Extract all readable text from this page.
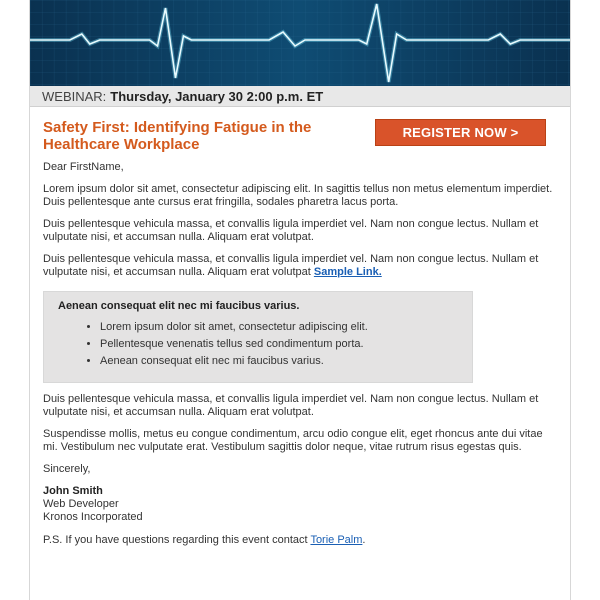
WEBINAR: Thursday, January 30 2:00 p.m. ET
Safety First: Identifying Fatigue in the Healthcare Workplace
REGISTER NOW >

Dear FirstName,

Lorem ipsum dolor sit amet, consectetur adipiscing elit. In sagittis tellus non metus elementum imperdiet. Duis pellentesque ante cursus erat fringilla, sodales pharetra lacus porta.

Duis pellentesque vehicula massa, et convallis ligula imperdiet vel. Nam non congue lectus. Nullam et vulputate nisi, et accumsan nulla. Aliquam erat volutpat.

Duis pellentesque vehicula massa, et convallis ligula imperdiet vel. Nam non congue lectus. Nullam et vulputate nisi, et accumsan nulla. Aliquam erat volutpat Sample Link.

Aenean consequat elit nec mi faucibus varius.
• Lorem ipsum dolor sit amet, consectetur adipiscing elit.
• Pellentesque venenatis tellus sed condimentum porta.
• Aenean consequat elit nec mi faucibus varius.

Duis pellentesque vehicula massa, et convallis ligula imperdiet vel. Nam non congue lectus. Nullam et vulputate nisi, et accumsan nulla. Aliquam erat volutpat.

Suspendisse mollis, metus eu congue condimentum, arcu odio congue elit, eget rhoncus ante dui vitae mi. Vestibulum nec vulputate erat. Vestibulum sagittis dolor neque, vitae rutrum risus egestas quis.

Sincerely,

John Smith
Web Developer
Kronos Incorporated

P.S. If you have questions regarding this event contact Torie Palm.
